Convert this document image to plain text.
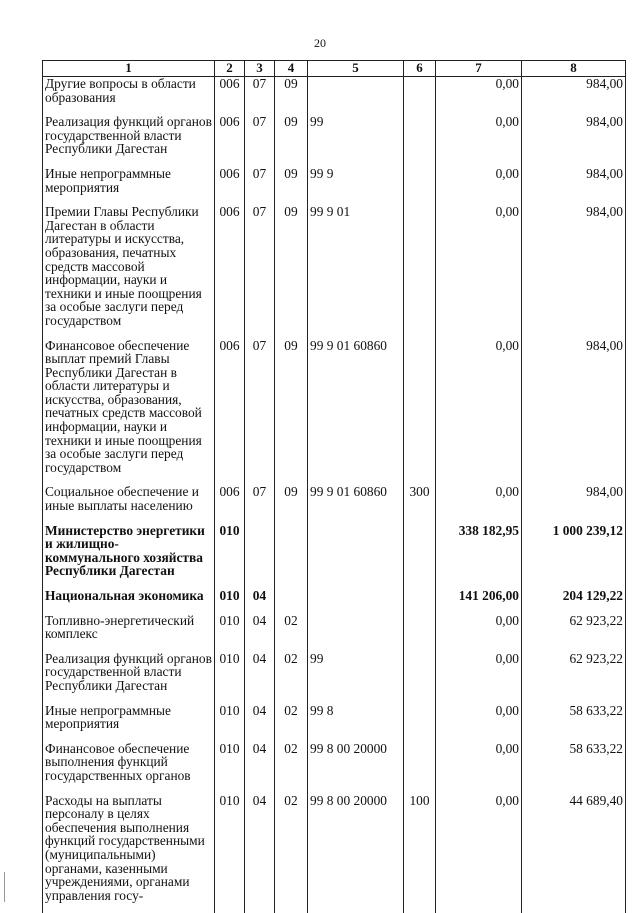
20
1	2	3	4	5	6	7	8
Другие вопросы в области образования	006	07	09			0,00	984,00
Реализация функций органов государственной власти Республики Дагестан	006	07	09	99		0,00	984,00
Иные непрограммные мероприятия	006	07	09	99 9		0,00	984,00
Премии Главы Республики Дагестан в области литературы и искусства, образования, печатных средств массовой информации, науки и техники и иные поощрения за особые заслуги перед государством	006	07	09	99 9 01		0,00	984,00
Финансовое обеспечение выплат премий Главы Республики Дагестан в области литературы и искусства, образования, печатных средств массовой информации, науки и техники и иные поощрения за особые заслуги перед государством	006	07	09	99 9 01 60860		0,00	984,00
Социальное обеспечение и иные выплаты населению	006	07	09	99 9 01 60860	300	0,00	984,00
Министерство энергетики и жилищно-коммунального хозяйства Республики Дагестан	010					338 182,95	1 000 239,12
Национальная экономика	010	04				141 206,00	204 129,22
Топливно-энергетический комплекс	010	04	02			0,00	62 923,22
Реализация функций органов государственной власти Республики Дагестан	010	04	02	99		0,00	62 923,22
Иные непрограммные мероприятия	010	04	02	99 8		0,00	58 633,22
Финансовое обеспечение выполнения функций государственных органов	010	04	02	99 8 00 20000		0,00	58 633,22
Расходы на выплаты персоналу в целях обеспечения выполнения функций государственными (муниципальными) органами, казенными учреждениями, органами управления госу-	010	04	02	99 8 00 20000	100	0,00	44 689,40
